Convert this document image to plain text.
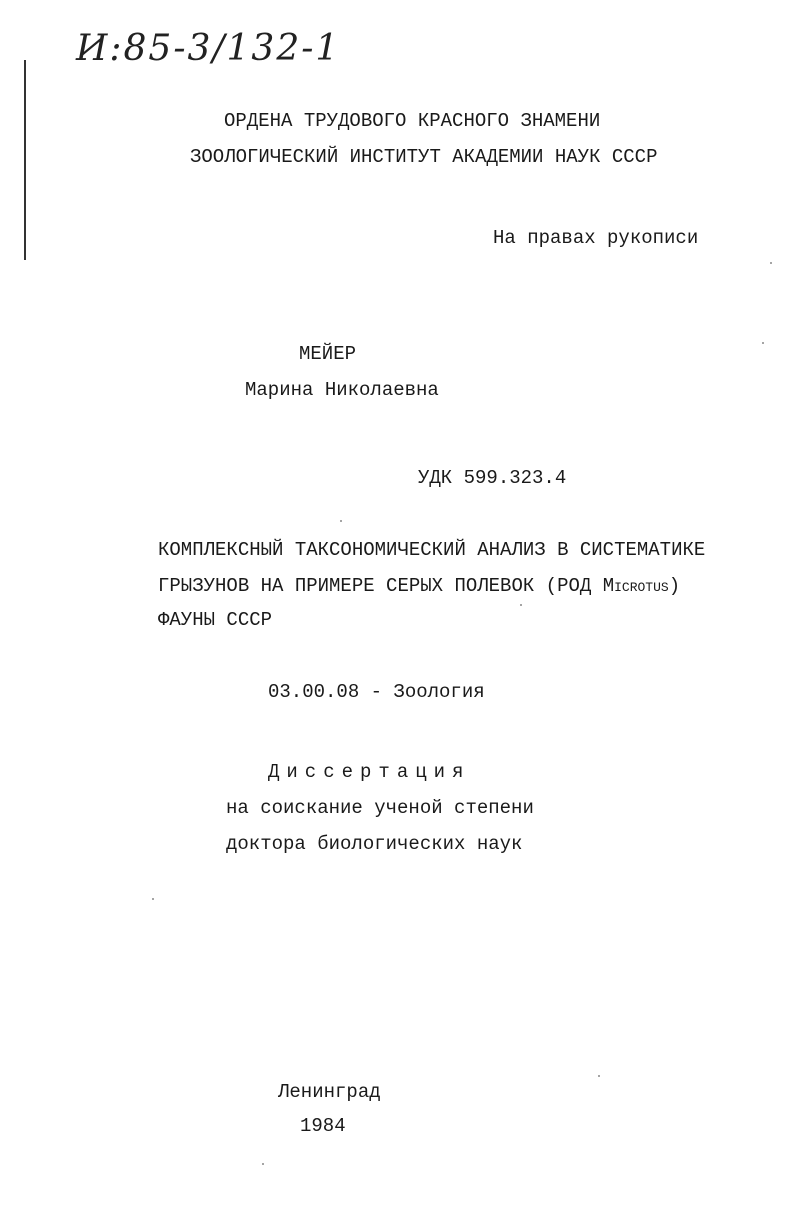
И:85-3/132-1
ОРДЕНА ТРУДОВОГО КРАСНОГО ЗНАМЕНИ
ЗООЛОГИЧЕСКИЙ ИНСТИТУТ АКАДЕМИИ НАУК СССР
На правах рукописи
МЕЙЕР
Марина Николаевна
УДК 599.323.4
КОМПЛЕКСНЫЙ ТАКСОНОМИЧЕСКИЙ АНАЛИЗ В СИСТЕМАТИКЕ
ГРЫЗУНОВ НА ПРИМЕРЕ СЕРЫХ ПОЛЕВОК (РОД Microtus)
ФАУНЫ СССР
03.00.08 - Зоология
Диссертация
на соискание ученой степени
доктора биологических наук
Ленинград
1984
